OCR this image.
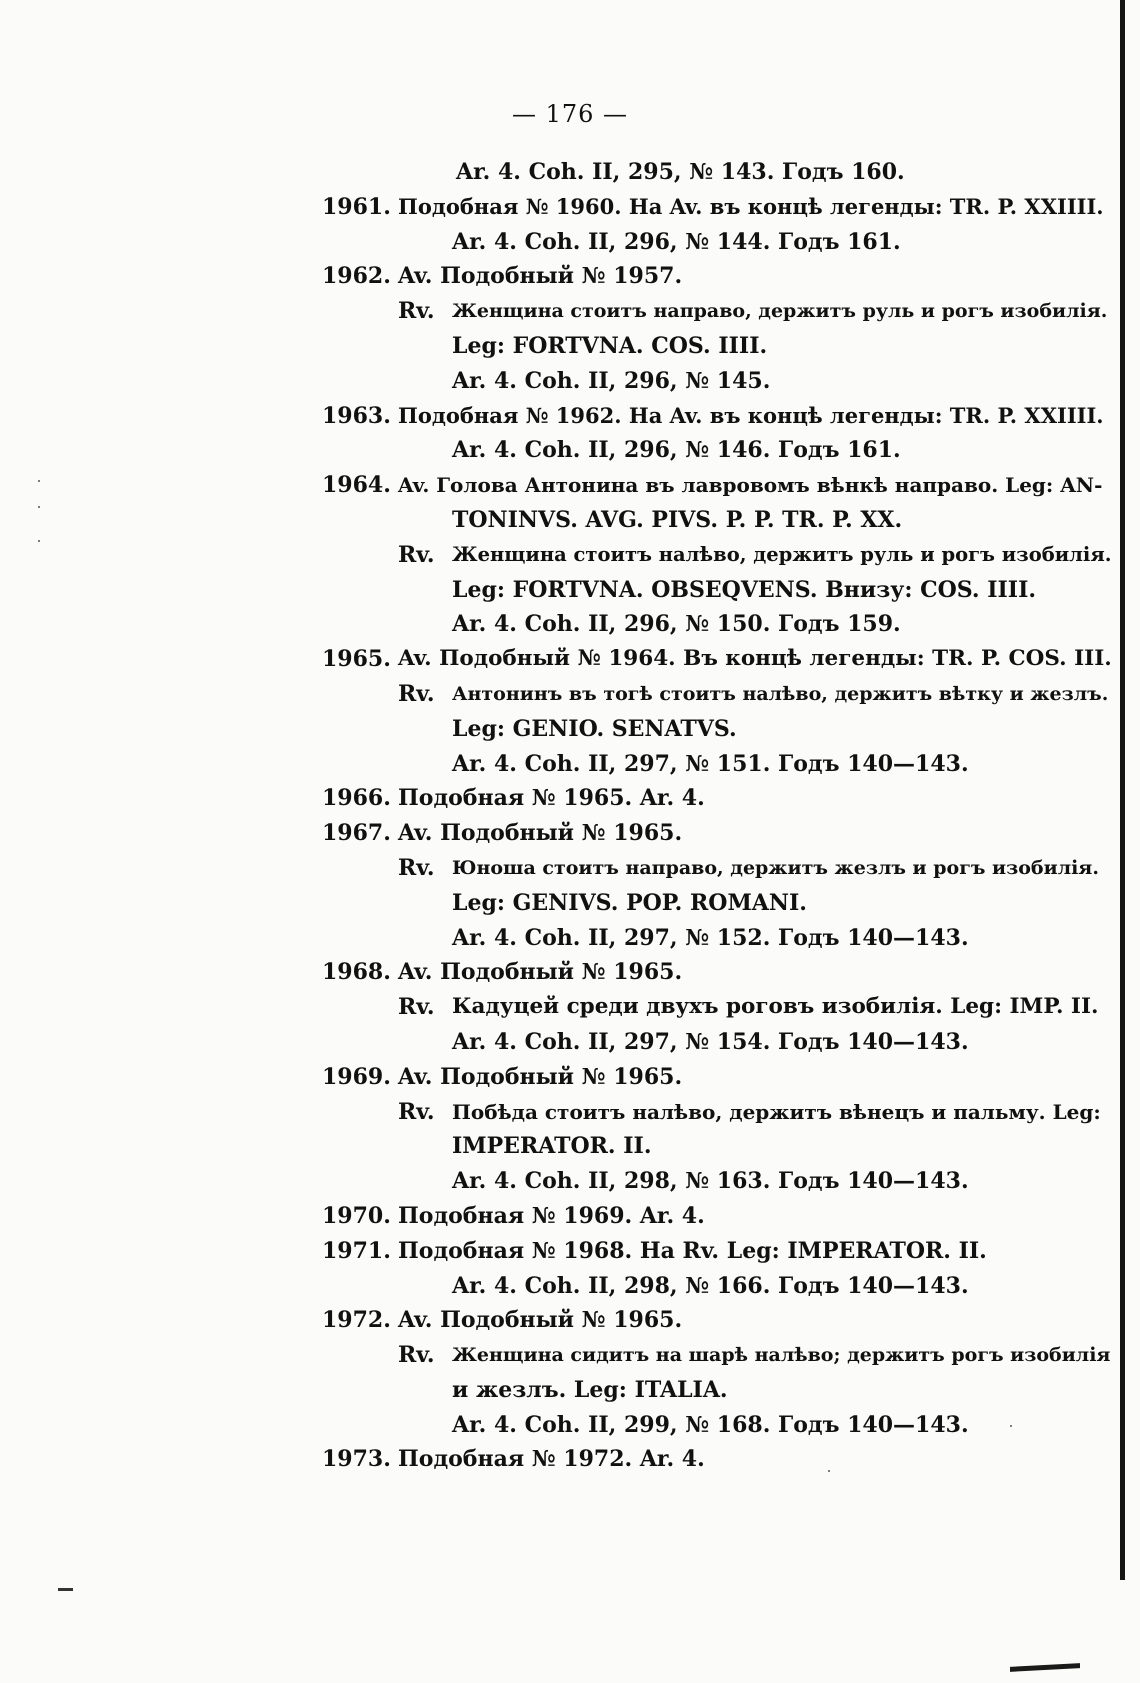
— 176 —
Ar. 4. Coh. II, 295, № 143. Годъ 160.
1961. Подобная № 1960. На Av. въ концѣ легенды: TR. P. XXIIII.
Ar. 4. Coh. II, 296, № 144. Годъ 161.
1962. Av. Подобный № 1957.
Rv. Женщина стоитъ направо, держитъ руль и рогъ изобилія.
Leg: FORTVNA. COS. IIII.
Ar. 4. Coh. II, 296, № 145.
1963. Подобная № 1962. На Av. въ концѣ легенды: TR. P. XXIIII.
Ar. 4. Coh. II, 296, № 146. Годъ 161.
1964. Av. Голова Антонина въ лавровомъ вѣнкѣ направо. Leg: AN-
TONINVS. AVG. PIVS. P. P. TR. P. XX.
Rv. Женщина стоитъ налѣво, держитъ руль и рогъ изобилія.
Leg: FORTVNA. OBSEQVENS. Внизу: COS. IIII.
Ar. 4. Coh. II, 296, № 150. Годъ 159.
1965. Av. Подобный № 1964. Въ концѣ легенды: TR. P. COS. III.
Rv. Антонинъ въ тогѣ стоитъ налѣво, держитъ вѣтку и жезлъ.
Leg: GENIO. SENATVS.
Ar. 4. Coh. II, 297, № 151. Годъ 140—143.
1966. Подобная № 1965. Ar. 4.
1967. Av. Подобный № 1965.
Rv. Юноша стоитъ направо, держитъ жезлъ и рогъ изобилія.
Leg: GENIVS. POP. ROMANI.
Ar. 4. Coh. II, 297, № 152. Годъ 140—143.
1968. Av. Подобный № 1965.
Rv. Кадуцей среди двухъ роговъ изобилія. Leg: IMP. II.
Ar. 4. Coh. II, 297, № 154. Годъ 140—143.
1969. Av. Подобный № 1965.
Rv. Побѣда стоитъ налѣво, держитъ вѣнецъ и пальму. Leg:
IMPERATOR. II.
Ar. 4. Coh. II, 298, № 163. Годъ 140—143.
1970. Подобная № 1969. Ar. 4.
1971. Подобная № 1968. На Rv. Leg: IMPERATOR. II.
Ar. 4. Coh. II, 298, № 166. Годъ 140—143.
1972. Av. Подобный № 1965.
Rv. Женщина сидитъ на шарѣ налѣво; держитъ рогъ изобилія
и жезлъ. Leg: ITALIA.
Ar. 4. Coh. II, 299, № 168. Годъ 140—143.
1973. Подобная № 1972. Ar. 4.
